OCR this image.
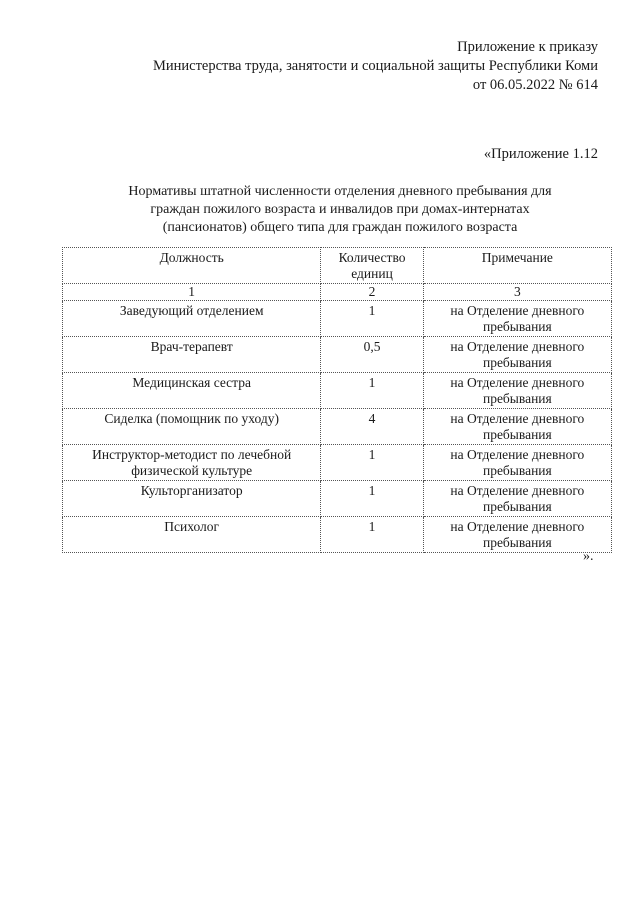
Приложение к приказу
Министерства труда, занятости и социальной защиты Республики Коми
от 06.05.2022 № 614
«Приложение 1.12
Нормативы штатной численности отделения дневного пребывания для
граждан пожилого возраста и инвалидов при домах-интернатах
(пансионатов) общего типа для граждан пожилого возраста
Должность	Количество единиц	Примечание
1	2	3
Заведующий отделением	1	на Отделение дневного пребывания
Врач-терапевт	0,5	на Отделение дневного пребывания
Медицинская сестра	1	на Отделение дневного пребывания
Сиделка (помощник по уходу)	4	на Отделение дневного пребывания
Инструктор-методист по лечебной физической культуре	1	на Отделение дневного пребывания
Культорганизатор	1	на Отделение дневного пребывания
Психолог	1	на Отделение дневного пребывания
».
